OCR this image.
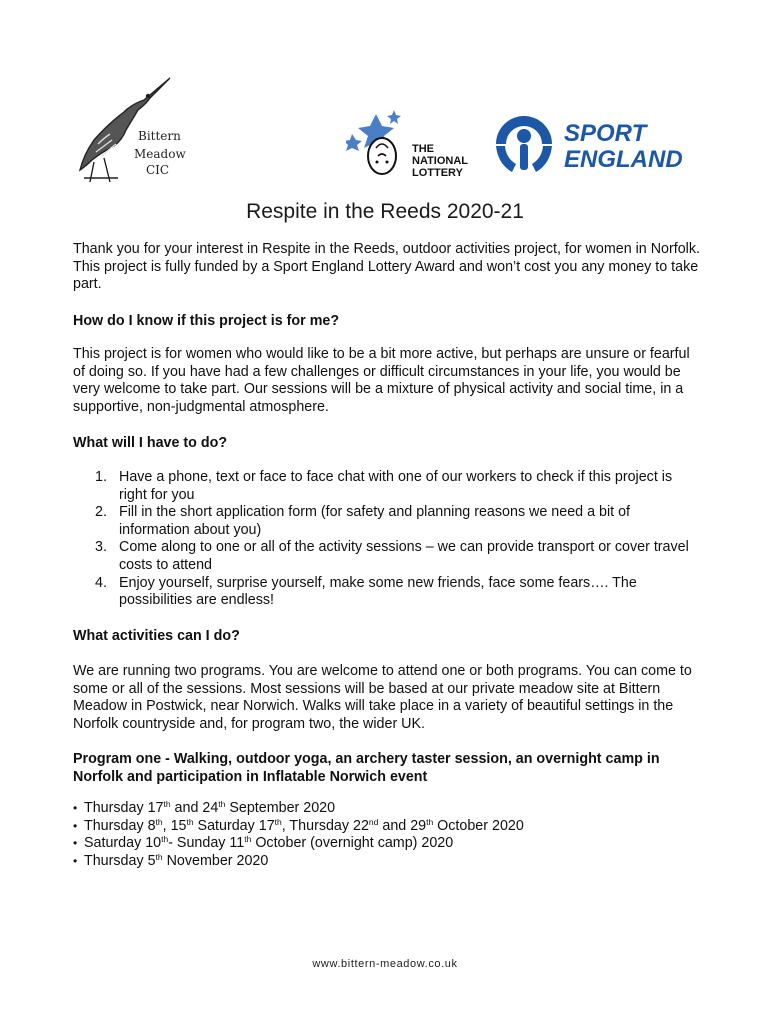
Bittern
Meadow
CIC
THE
NATIONAL
LOTTERY
SPORT
ENGLAND
Respite in the Reeds 2020-21

Thank you for your interest in Respite in the Reeds, outdoor activities project, for women in Norfolk. This project is fully funded by a Sport England Lottery Award and won’t cost you any money to take part.

How do I know if this project is for me?

This project is for women who would like to be a bit more active, but perhaps are unsure or fearful of doing so. If you have had a few challenges or difficult circumstances in your life, you would be very welcome to take part. Our sessions will be a mixture of physical activity and social time, in a supportive, non-judgmental atmosphere.

What will I have to do?

1. Have a phone, text or face to face chat with one of our workers to check if this project is right for you
2. Fill in the short application form (for safety and planning reasons we need a bit of information about you)
3. Come along to one or all of the activity sessions – we can provide transport or cover travel costs to attend
4. Enjoy yourself, surprise yourself, make some new friends, face some fears…. The possibilities are endless!

What activities can I do?

We are running two programs. You are welcome to attend one or both programs. You can come to some or all of the sessions. Most sessions will be based at our private meadow site at Bittern Meadow in Postwick, near Norwich. Walks will take place in a variety of beautiful settings in the Norfolk countryside and, for program two, the wider UK.

Program one - Walking, outdoor yoga, an archery taster session, an overnight camp in Norfolk and participation in Inflatable Norwich event

• Thursday 17th and 24th September 2020
• Thursday 8th, 15th Saturday 17th, Thursday 22nd and 29th October 2020
• Saturday 10th- Sunday 11th October (overnight camp) 2020
• Thursday 5th November 2020
www.bittern-meadow.co.uk
